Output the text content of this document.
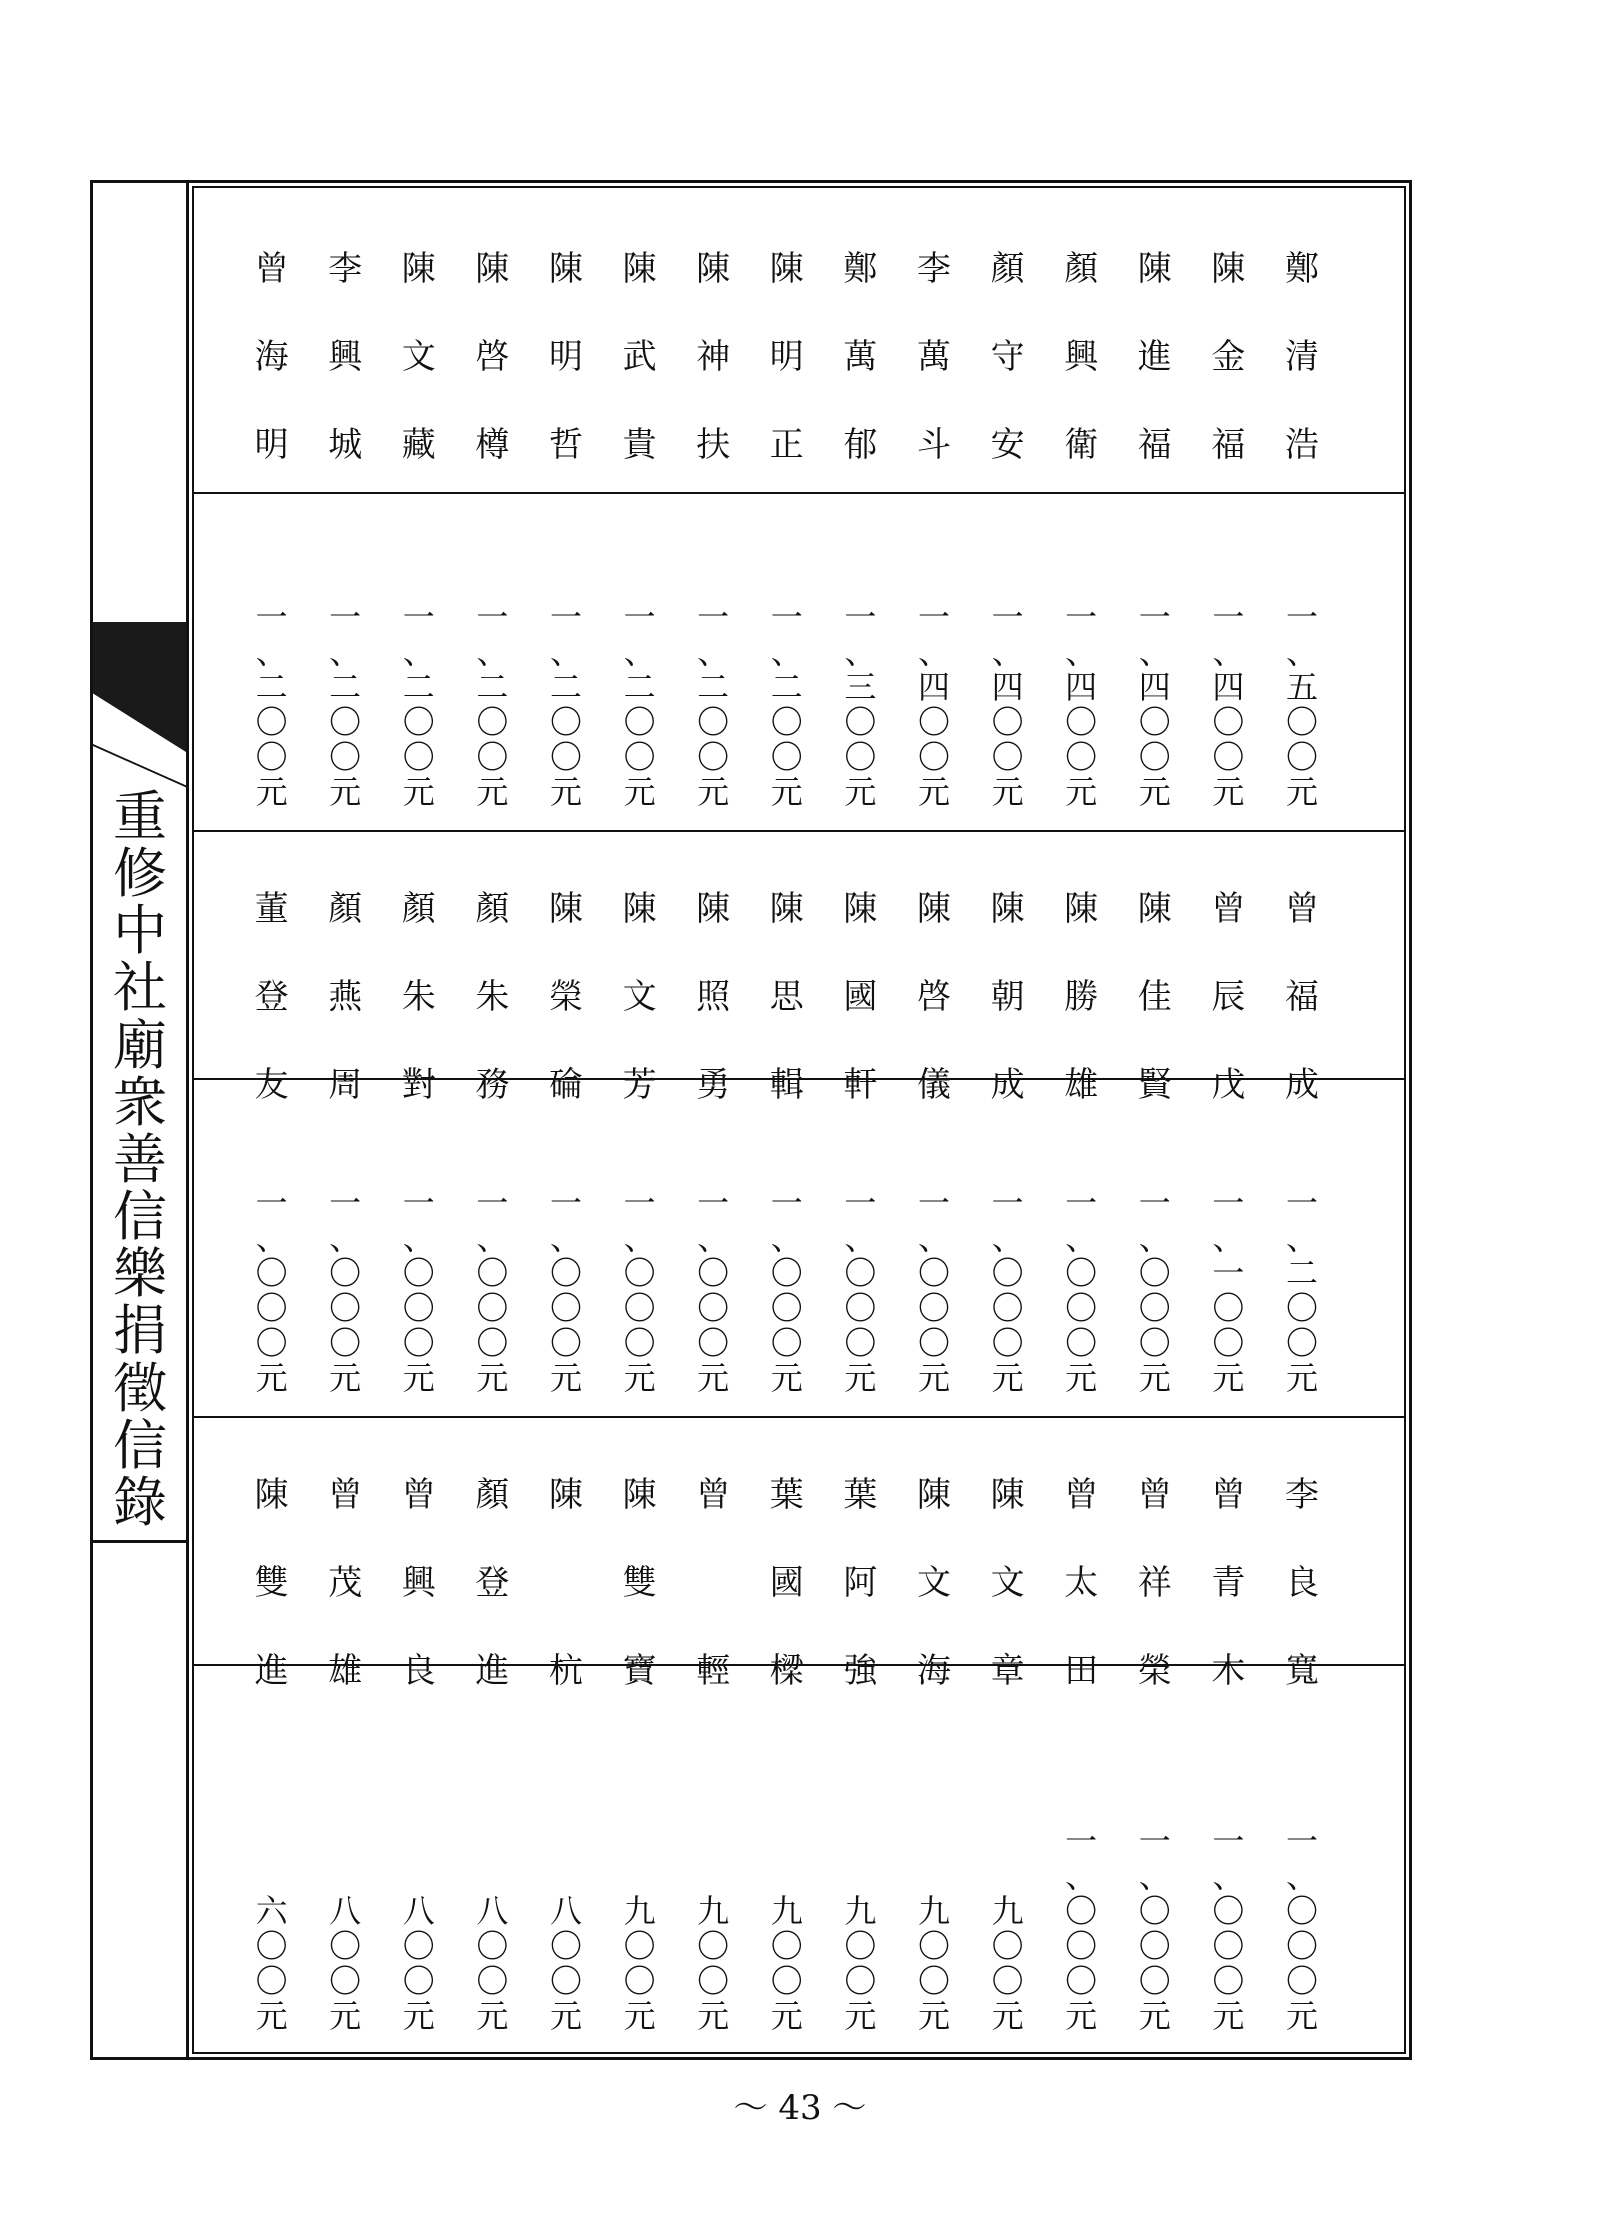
重
修
中
社
廟
衆
善
信
樂
捐
徵
信
錄
鄭
清
浩
陳
金
福
陳
進
福
顏
興
衛
顏
守
安
李
萬
斗
鄭
萬
郁
陳
明
正
陳
神
扶
陳
武
貴
陳
明
哲
陳
啓
樽
陳
文
藏
李
興
城
曾
海
明
一
、
五
〇
〇
元
一
、
四
〇
〇
元
一
、
四
〇
〇
元
一
、
四
〇
〇
元
一
、
四
〇
〇
元
一
、
四
〇
〇
元
一
、
三
〇
〇
元
一
、
二
〇
〇
元
一
、
二
〇
〇
元
一
、
二
〇
〇
元
一
、
二
〇
〇
元
一
、
二
〇
〇
元
一
、
二
〇
〇
元
一
、
二
〇
〇
元
一
、
二
〇
〇
元
曾
福
成
曾
辰
戊
陳
佳
賢
陳
勝
雄
陳
朝
成
陳
啓
儀
陳
國
軒
陳
思
輯
陳
照
勇
陳
文
芳
陳
榮
碖
顏
朱
務
顏
朱
對
顏
燕
周
董
登
友
一
、
二
〇
〇
元
一
、
一
〇
〇
元
一
、
〇
〇
〇
元
一
、
〇
〇
〇
元
一
、
〇
〇
〇
元
一
、
〇
〇
〇
元
一
、
〇
〇
〇
元
一
、
〇
〇
〇
元
一
、
〇
〇
〇
元
一
、
〇
〇
〇
元
一
、
〇
〇
〇
元
一
、
〇
〇
〇
元
一
、
〇
〇
〇
元
一
、
〇
〇
〇
元
一
、
〇
〇
〇
元
李
良
寬
曾
青
木
曾
祥
榮
曾
太
田
陳
文
章
陳
文
海
葉
阿
強
葉
國
樑
曾

輕
陳
雙
寶
陳

杭
顏
登
進
曾
興
良
曾
茂
雄
陳
雙
進
一
、
〇
〇
〇
元
一
、
〇
〇
〇
元
一
、
〇
〇
〇
元
一
、
〇
〇
〇
元
九
〇
〇
元
九
〇
〇
元
九
〇
〇
元
九
〇
〇
元
九
〇
〇
元
九
〇
〇
元
八
〇
〇
元
八
〇
〇
元
八
〇
〇
元
八
〇
〇
元
六
〇
〇
元
～ 43 ～
